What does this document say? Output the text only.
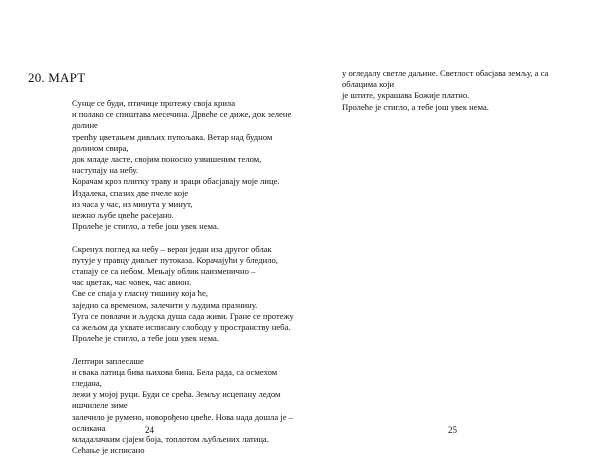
20. МАРТ
Сунце се буди, птичице протежу своја крила
и полако се спиштава месечина. Дрвеће се диже, док зелене
долине
трепћу цветањем дивљих пупољака. Ветар над будном
долином свира,
док младе ласте, својим поносно узвишеним телом,
наступају на небу.
Корачам кроз плитку траву и зраци обасјавају моје лице.
Издалека, спазих две пчеле које
из часа у час, из минута у минут,
нежно љубе цвеће расејано.
Пролеће је стигло, а тебе још увек нема.
Скренух поглед ка небу – веран један иза другог облак
путује у правцу дивљег путоказа. Корачајући у бледило,
стапају се са небом. Мењају облик наизменично –
час цветак, час човек, час авион.
Све се спаја у гласну тишину која ће,
заједно са временом, залечити у људима празнину.
Туга се повлачи и људска душа сада живи. Гране се протежу
са жељом да ухвате исписану слободу у пространству неба.
Пролеће је стигло, а тебе још увек нема.
Лептири заплесаше
и свака латица бива њихова бина. Бела рада, са осмехом
гледана,
лежи у мојој руци. Буди се срећа. Земљу исцепану ледом
ишчилеле зиме
залечило је румено, новорођено цвеће. Нова нада дошла је –
осликана
младалачким сјајем боја, топлотом љубљених латица.
Сећање је исписано
24
у огледалу светле даљине. Светлост обасјава земљу, а са
облацима који
је штите, украшава Божије платно.
Пролеће је стигло, а тебе још увек нема.
25
